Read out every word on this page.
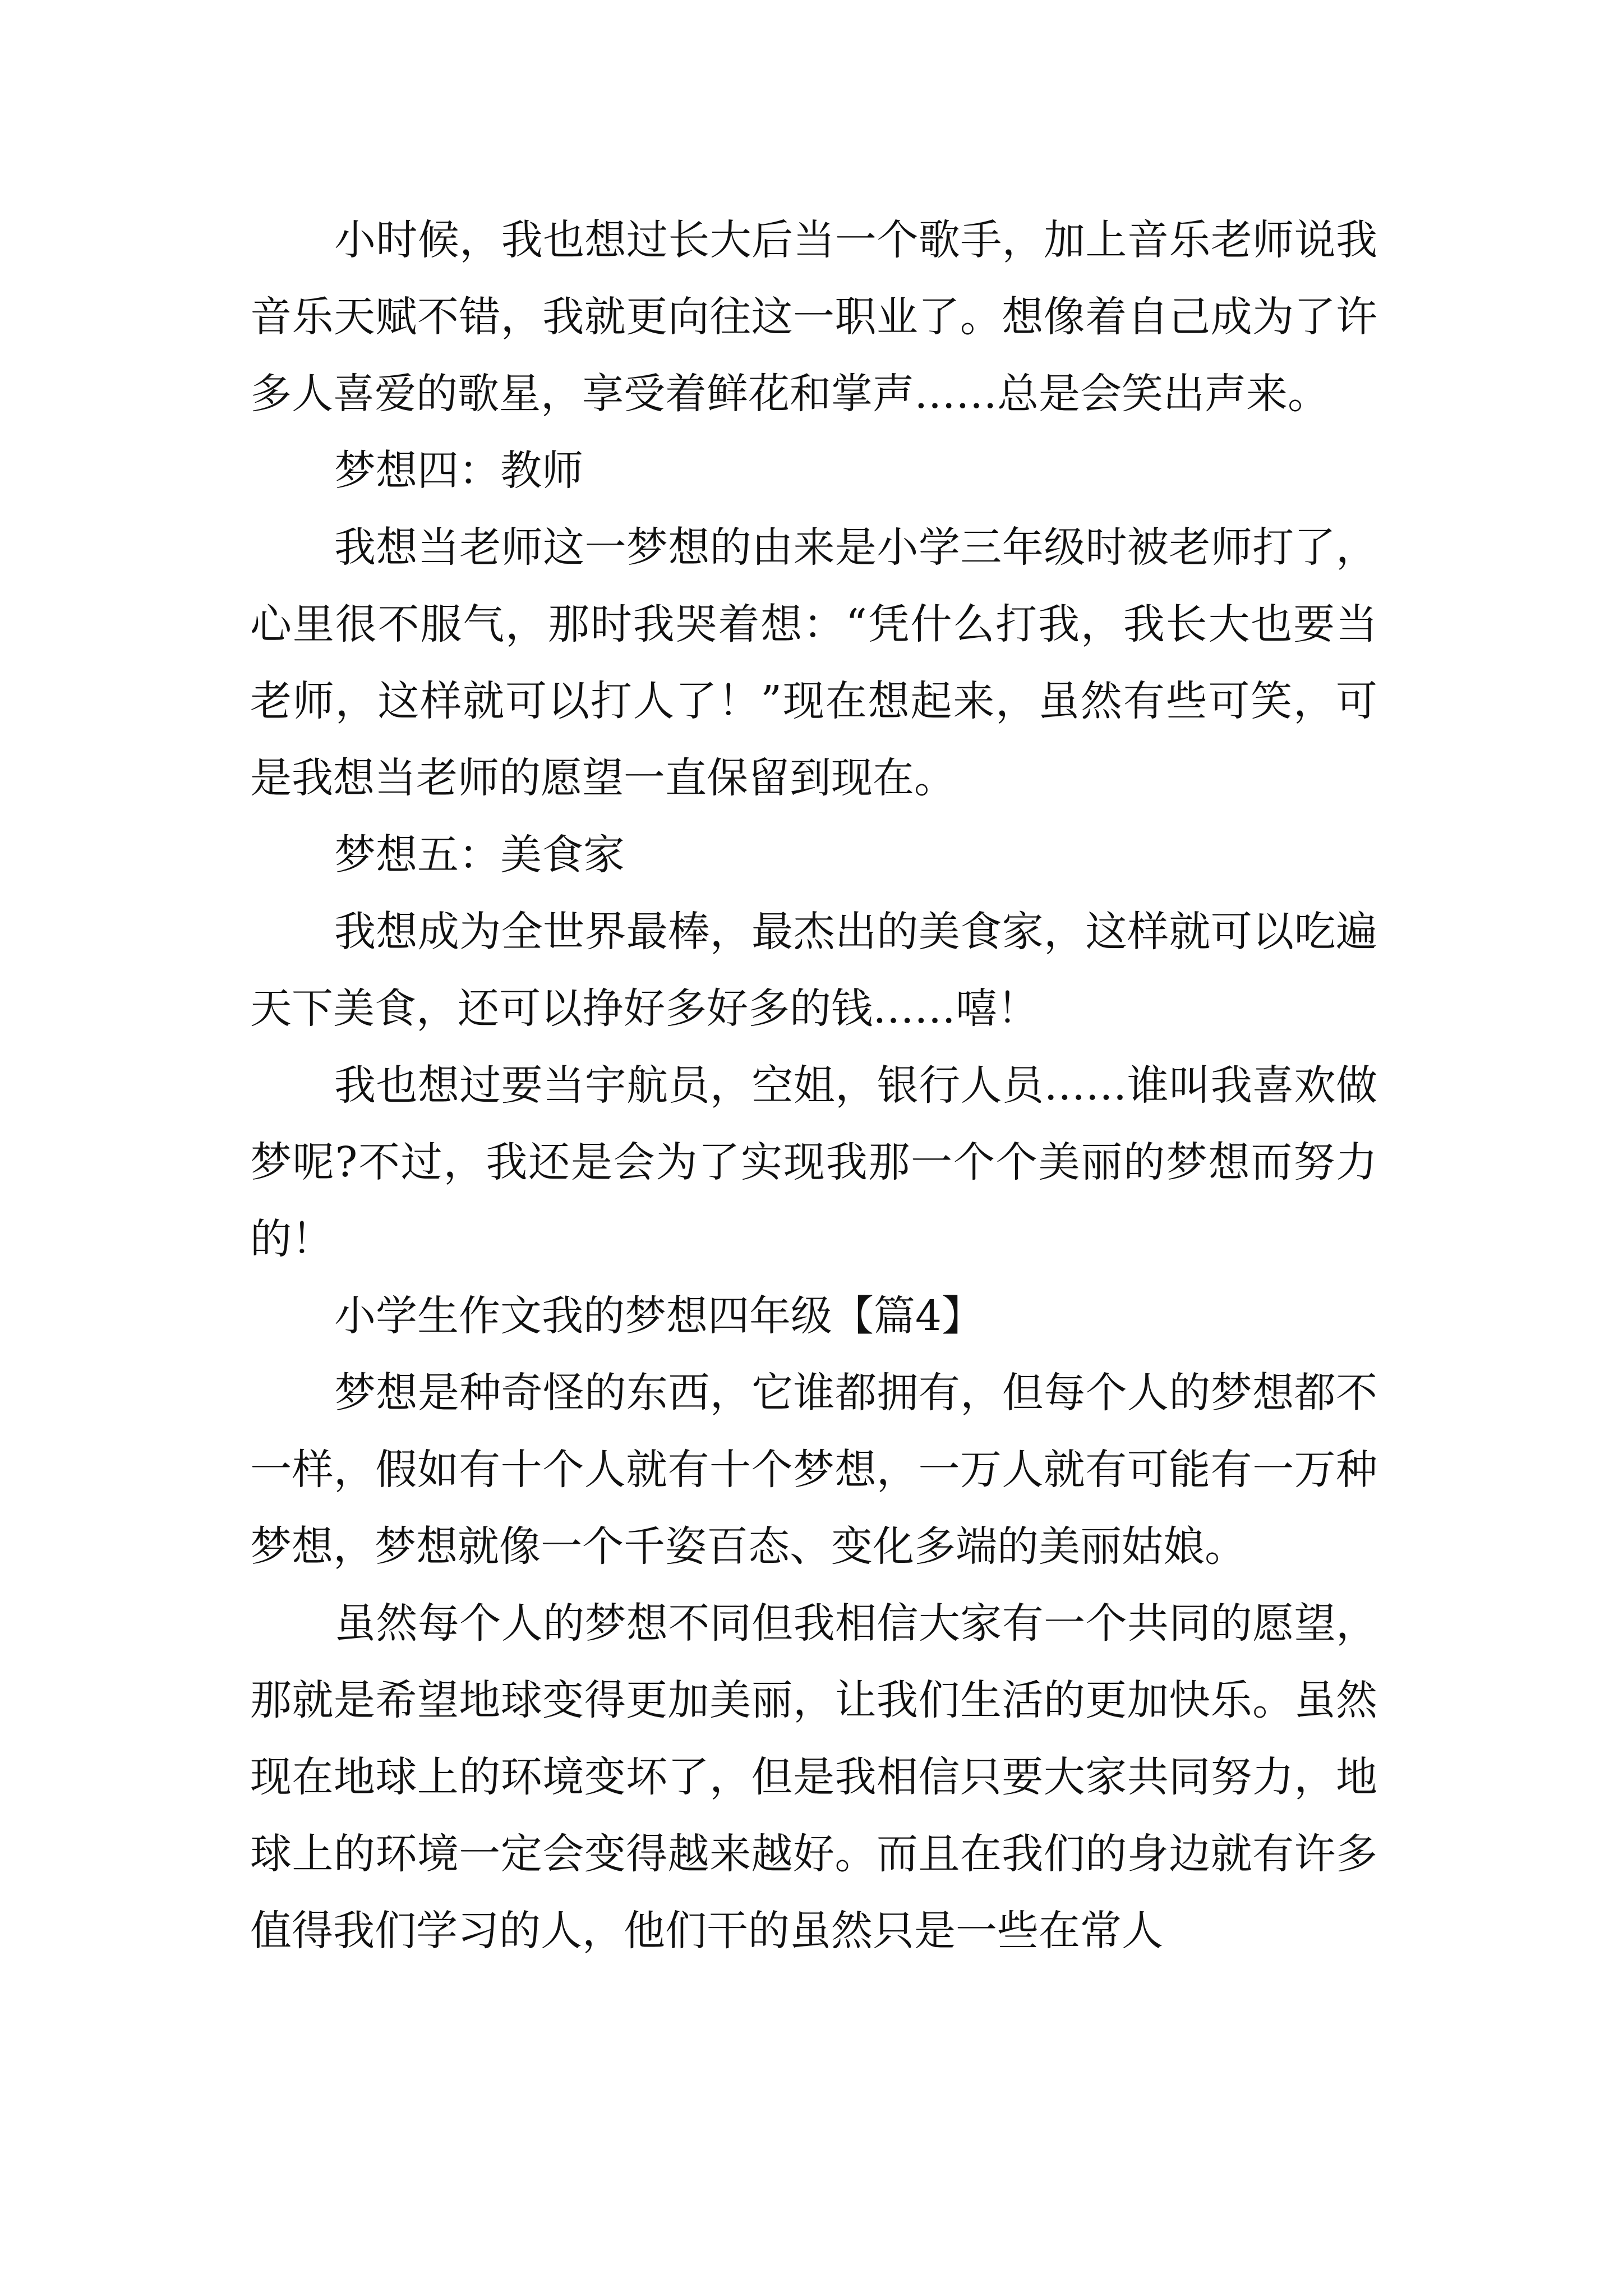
小时候，我也想过长大后当一个歌手，加上音乐老师说我音乐天赋不错，我就更向往这一职业了。想像着自己成为了许多人喜爱的歌星，享受着鲜花和掌声……总是会笑出声来。

梦想四：教师

我想当老师这一梦想的由来是小学三年级时被老师打了，心里很不服气，那时我哭着想：“凭什么打我，我长大也要当老师，这样就可以打人了！”现在想起来，虽然有些可笑，可是我想当老师的愿望一直保留到现在。

梦想五：美食家

我想成为全世界最棒，最杰出的美食家，这样就可以吃遍天下美食，还可以挣好多好多的钱……嘻！

我也想过要当宇航员，空姐，银行人员……谁叫我喜欢做梦呢?不过，我还是会为了实现我那一个个美丽的梦想而努力的！

小学生作文我的梦想四年级【篇4】

梦想是种奇怪的东西，它谁都拥有，但每个人的梦想都不一样，假如有十个人就有十个梦想，一万人就有可能有一万种梦想，梦想就像一个千姿百态、变化多端的美丽姑娘。

虽然每个人的梦想不同但我相信大家有一个共同的愿望，那就是希望地球变得更加美丽，让我们生活的更加快乐。虽然现在地球上的环境变坏了，但是我相信只要大家共同努力，地球上的环境一定会变得越来越好。而且在我们的身边就有许多值得我们学习的人，他们干的虽然只是一些在常人
